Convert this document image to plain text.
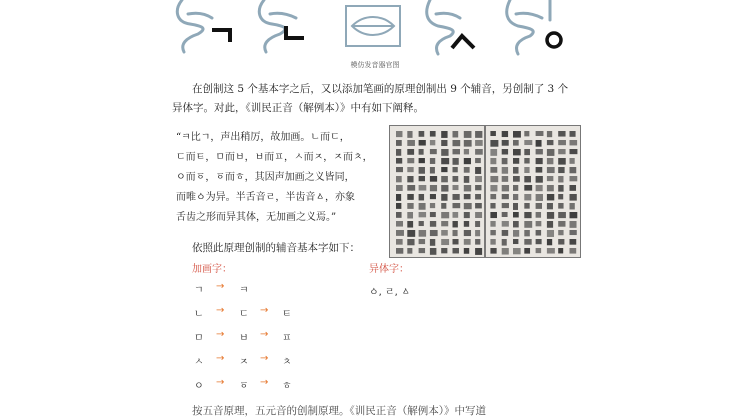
模仿发音器官图
在创制这 5 个基本字之后，又以添加笔画的原理创制出 9 个辅音，另创制了 3 个
异体字。对此，《训民正音（解例本）》中有如下阐释。
“ㅋ比ㄱ，声出稍厉，故加画。ㄴ而ㄷ，
ㄷ而ㅌ，ㅁ而ㅂ，ㅂ而ㅍ，ㅅ而ㅈ，ㅈ而ㅊ，
ㅇ而ㆆ，ㆆ而ㅎ，其因声加画之义皆同，
而唯ㆁ为异。半舌音ㄹ，半齿音ㅿ，亦象
舌齿之形而异其体，无加画之义焉。”
依照此原理创制的辅音基本字如下：
加画字：	异体字：
ㆁ, ㄹ, ㅿ
ㄱ → ㅋ
ㄴ → ㄷ → ㅌ
ㅁ → ㅂ → ㅍ
ㅅ → ㅈ → ㅊ
ㅇ → ㆆ → ㅎ
按五音原理，五元音的创制原理。《训民正音（解例本）》中写道
